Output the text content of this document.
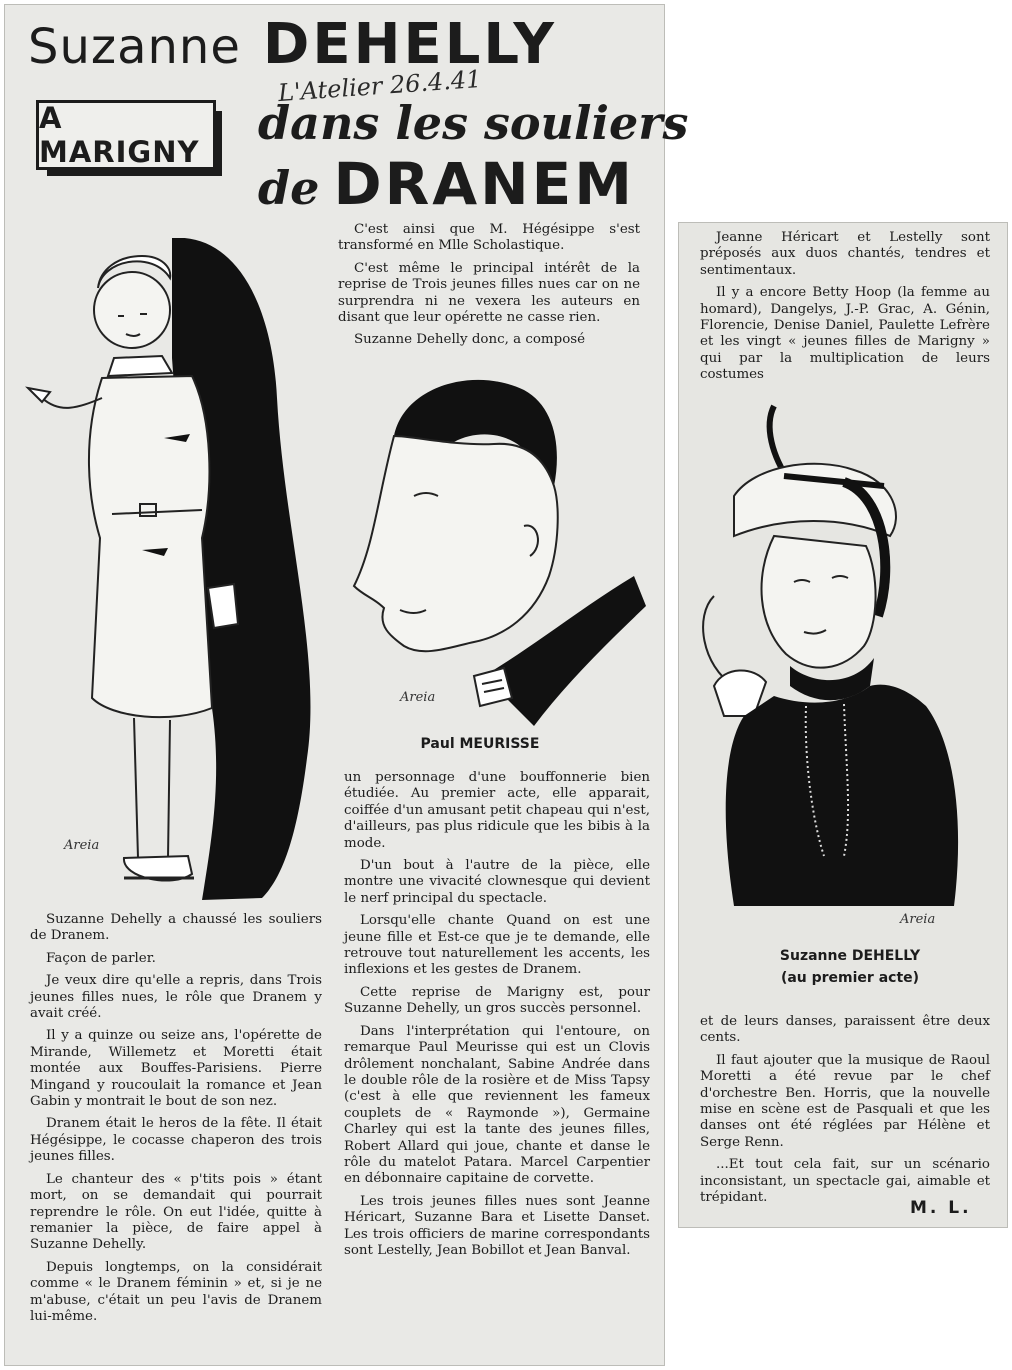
Suzanne DEHELLY
L'Atelier 26.4.41
A MARIGNY
dans les souliers
de DRANEM
Areia

Suzanne Dehelly a chaussé les souliers de Dranem.

Façon de parler.

Je veux dire qu'elle a repris, dans Trois jeunes filles nues, le rôle que Dranem y avait créé.

Il y a quinze ou seize ans, l'opérette de Mirande, Willemetz et Moretti était montée aux Bouffes-Parisiens. Pierre Mingand y roucoulait la romance et Jean Gabin y montrait le bout de son nez.

Dranem était le heros de la fête. Il était Hégésippe, le cocasse chaperon des trois jeunes filles.

Le chanteur des « p'tits pois » étant mort, on se demandait qui pourrait reprendre le rôle. On eut l'idée, quitte à remanier la pièce, de faire appel à Suzanne Dehelly.

Depuis longtemps, on la considérait comme « le Dranem féminin » et, si je ne m'abuse, c'était un peu l'avis de Dranem lui-même.

C'est ainsi que M. Hégésippe s'est transformé en Mlle Scholastique.

C'est même le principal intérêt de la reprise de Trois jeunes filles nues car on ne surprendra ni ne vexera les auteurs en disant que leur opérette ne casse rien.

Suzanne Dehelly donc, a composé

Areia
Paul MEURISSE

un personnage d'une bouffonnerie bien étudiée. Au premier acte, elle apparait, coiffée d'un amusant petit chapeau qui n'est, d'ailleurs, pas plus ridicule que les bibis à la mode.

D'un bout à l'autre de la pièce, elle montre une vivacité clownesque qui devient le nerf principal du spectacle.

Lorsqu'elle chante Quand on est une jeune fille et Est-ce que je te demande, elle retrouve tout naturellement les accents, les inflexions et les gestes de Dranem.

Cette reprise de Marigny est, pour Suzanne Dehelly, un gros succès personnel.

Dans l'interprétation qui l'entoure, on remarque Paul Meurisse qui est un Clovis drôlement nonchalant, Sabine Andrée dans le double rôle de la rosière et de Miss Tapsy (c'est à elle que reviennent les fameux couplets de « Raymonde »), Germaine Charley qui est la tante des jeunes filles, Robert Allard qui joue, chante et danse le rôle du matelot Patara. Marcel Carpentier en débonnaire capitaine de corvette.

Les trois jeunes filles nues sont Jeanne Héricart, Suzanne Bara et Lisette Danset. Les trois officiers de marine correspondants sont Lestelly, Jean Bobillot et Jean Banval.

Jeanne Héricart et Lestelly sont préposés aux duos chantés, tendres et sentimentaux.

Il y a encore Betty Hoop (la femme au homard), Dangelys, J.-P. Grac, A. Génin, Florencie, Denise Daniel, Paulette Lefrère et les vingt « jeunes filles de Marigny » qui par la multiplication de leurs costumes

Areia
Suzanne DEHELLY
(au premier acte)

et de leurs danses, paraissent être deux cents.

Il faut ajouter que la musique de Raoul Moretti a été revue par le chef d'orchestre Ben. Horris, que la nouvelle mise en scène est de Pasquali et que les danses ont été réglées par Hélène et Serge Renn.

...Et tout cela fait, sur un scénario inconsistant, un spectacle gai, aimable et trépidant.

M. L.
